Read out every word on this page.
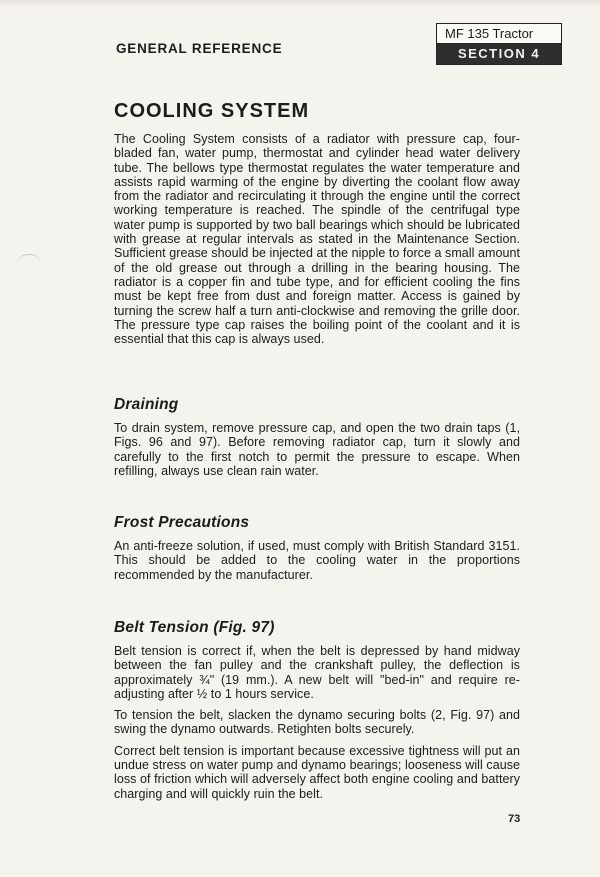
GENERAL REFERENCE
MF 135 Tractor
SECTION 4
COOLING SYSTEM

The Cooling System consists of a radiator with pressure cap, four-bladed fan, water pump, thermostat and cylinder head water delivery tube. The bellows type thermostat regulates the water temperature and assists rapid warming of the engine by diverting the coolant flow away from the radiator and recirculating it through the engine until the correct working temperature is reached. The spindle of the centrifugal type water pump is supported by two ball bearings which should be lubricated with grease at regular intervals as stated in the Maintenance Section. Sufficient grease should be injected at the nipple to force a small amount of the old grease out through a drilling in the bearing housing. The radiator is a copper fin and tube type, and for efficient cooling the fins must be kept free from dust and foreign matter. Access is gained by turning the screw half a turn anti-clockwise and removing the grille door. The pressure type cap raises the boiling point of the coolant and it is essential that this cap is always used.

Draining

To drain system, remove pressure cap, and open the two drain taps (1, Figs. 96 and 97). Before removing radiator cap, turn it slowly and carefully to the first notch to permit the pressure to escape. When refilling, always use clean rain water.

Frost Precautions

An anti-freeze solution, if used, must comply with British Standard 3151. This should be added to the cooling water in the proportions recommended by the manufacturer.

Belt Tension (Fig. 97)

Belt tension is correct if, when the belt is depressed by hand midway between the fan pulley and the crankshaft pulley, the deflection is approximately ¾" (19 mm.). A new belt will "bed-in" and require re-adjusting after ½ to 1 hours service.

To tension the belt, slacken the dynamo securing bolts (2, Fig. 97) and swing the dynamo outwards. Retighten bolts securely.

Correct belt tension is important because excessive tightness will put an undue stress on water pump and dynamo bearings; looseness will cause loss of friction which will adversely affect both engine cooling and battery charging and will quickly ruin the belt.

73
